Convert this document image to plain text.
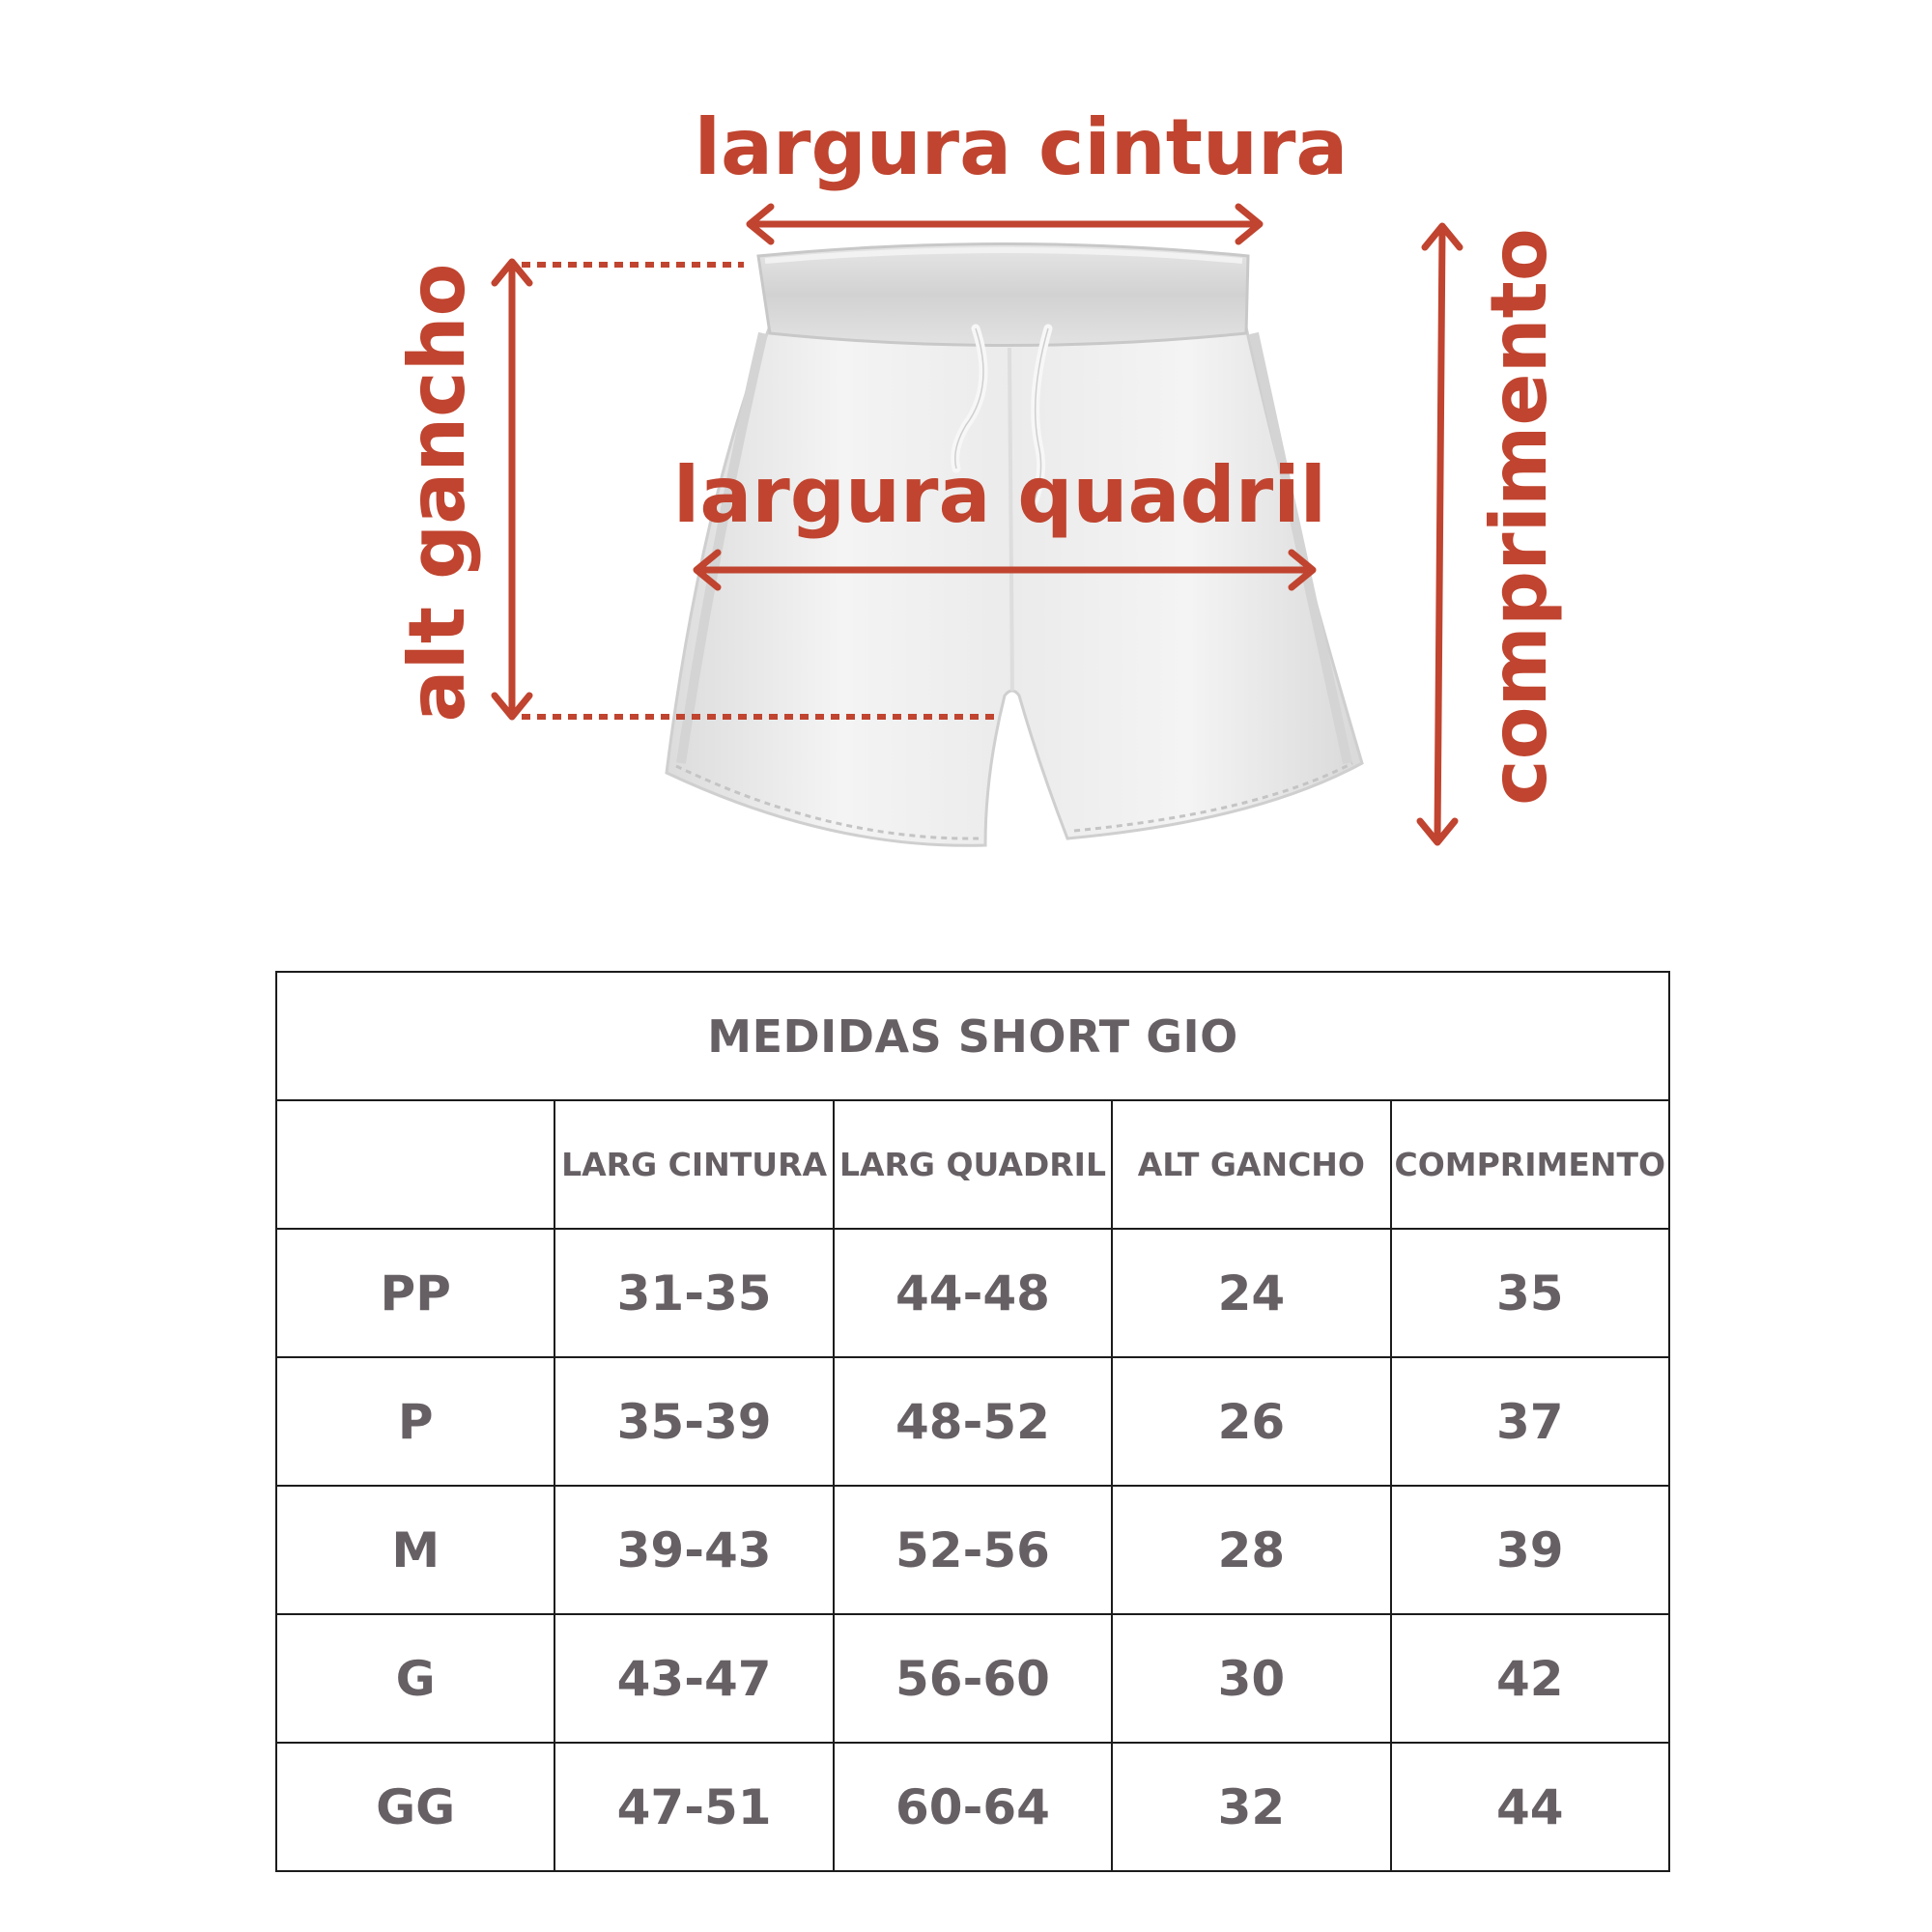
largura cintura
largura quadril
alt gancho	comprimento
MEDIDAS SHORT GIO				
	LARG CINTURA	LARG QUADRIL	ALT GANCHO	COMPRIMENTO
PP	31-35	44-48	24	35
P	35-39	48-52	26	37
M	39-43	52-56	28	39
G	43-47	56-60	30	42
GG	47-51	60-64	32	44
